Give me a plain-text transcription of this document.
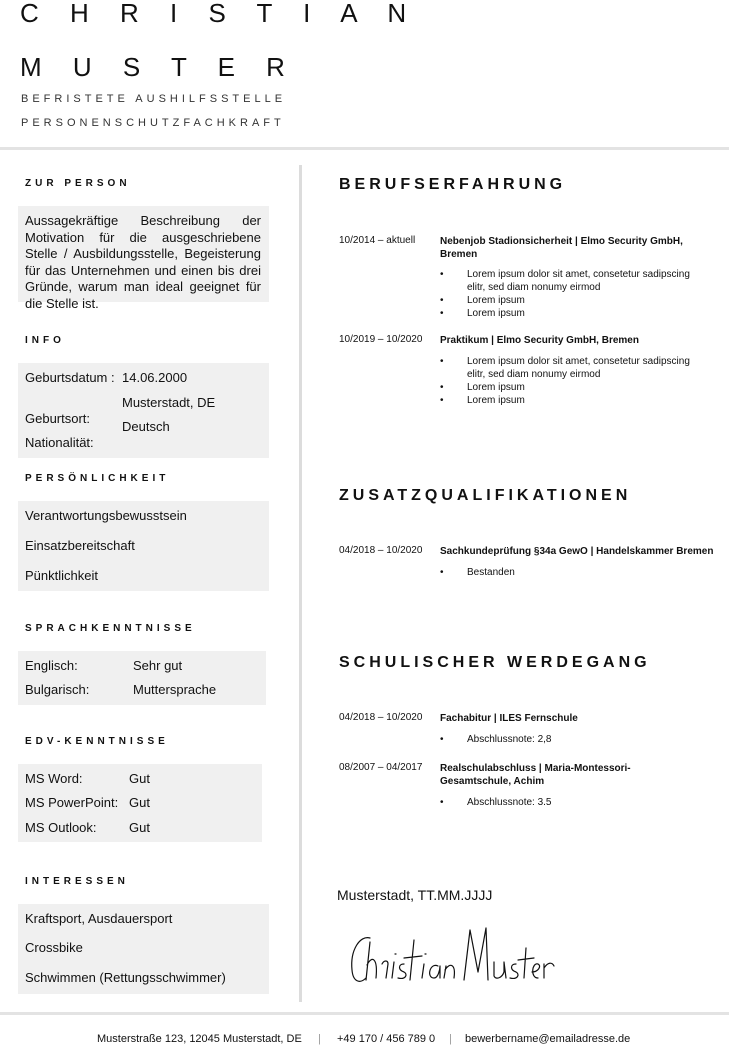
C H R I S T I A N
M U S T E R
BEFRISTETE AUSHILFSSTELLE
PERSONENSCHUTZFACHKRAFT
ZUR PERSON
Aussagekräftige Beschreibung der Motivation für die ausgeschriebene Stelle / Ausbildungsstelle, Begeisterung für das Unternehmen und einen bis drei Gründe, warum man ideal geeignet für die Stelle ist.
INFO
Geburtsdatum : 14.06.2000
Geburtsort:
Musterstadt, DE
Nationalität:
Deutsch
PERSÖNLICHKEIT
Verantwortungsbewusstsein
Einsatzbereitschaft
Pünktlichkeit
SPRACHKENNTNISSE
Englisch:	Sehr gut
Bulgarisch:	Muttersprache
EDV-KENNTNISSE
MS Word:	Gut
MS PowerPoint: Gut
MS Outlook: Gut
INTERESSEN
Kraftsport, Ausdauersport
Crossbike
Schwimmen (Rettungsschwimmer)
BERUFSERFAHRUNG
10/2014 – aktuell Nebenjob Stadionsicherheit | Elmo Security GmbH, Bremen
• Lorem ipsum dolor sit amet, consetetur sadipscing elitr, sed diam nonumy eirmod
• Lorem ipsum
• Lorem ipsum
10/2019 – 10/2020 Praktikum | Elmo Security GmbH, Bremen
• Lorem ipsum dolor sit amet, consetetur sadipscing elitr, sed diam nonumy eirmod
• Lorem ipsum
• Lorem ipsum
ZUSATZQUALIFIKATIONEN
04/2018 – 10/2020 Sachkundeprüfung §34a GewO | Handelskammer Bremen
• Bestanden
SCHULISCHER WERDEGANG
04/2018 – 10/2020 Fachabitur | ILES Fernschule
• Abschlussnote: 2,8
08/2007 – 04/2017 Realschulabschluss | Maria-Montessori-Gesamtschule, Achim
• Abschlussnote: 3.5
Musterstadt, TT.MM.JJJJ
Musterstraße 123, 12045 Musterstadt, DE | +49 170 / 456 789 0 | bewerbername@emailadresse.de
